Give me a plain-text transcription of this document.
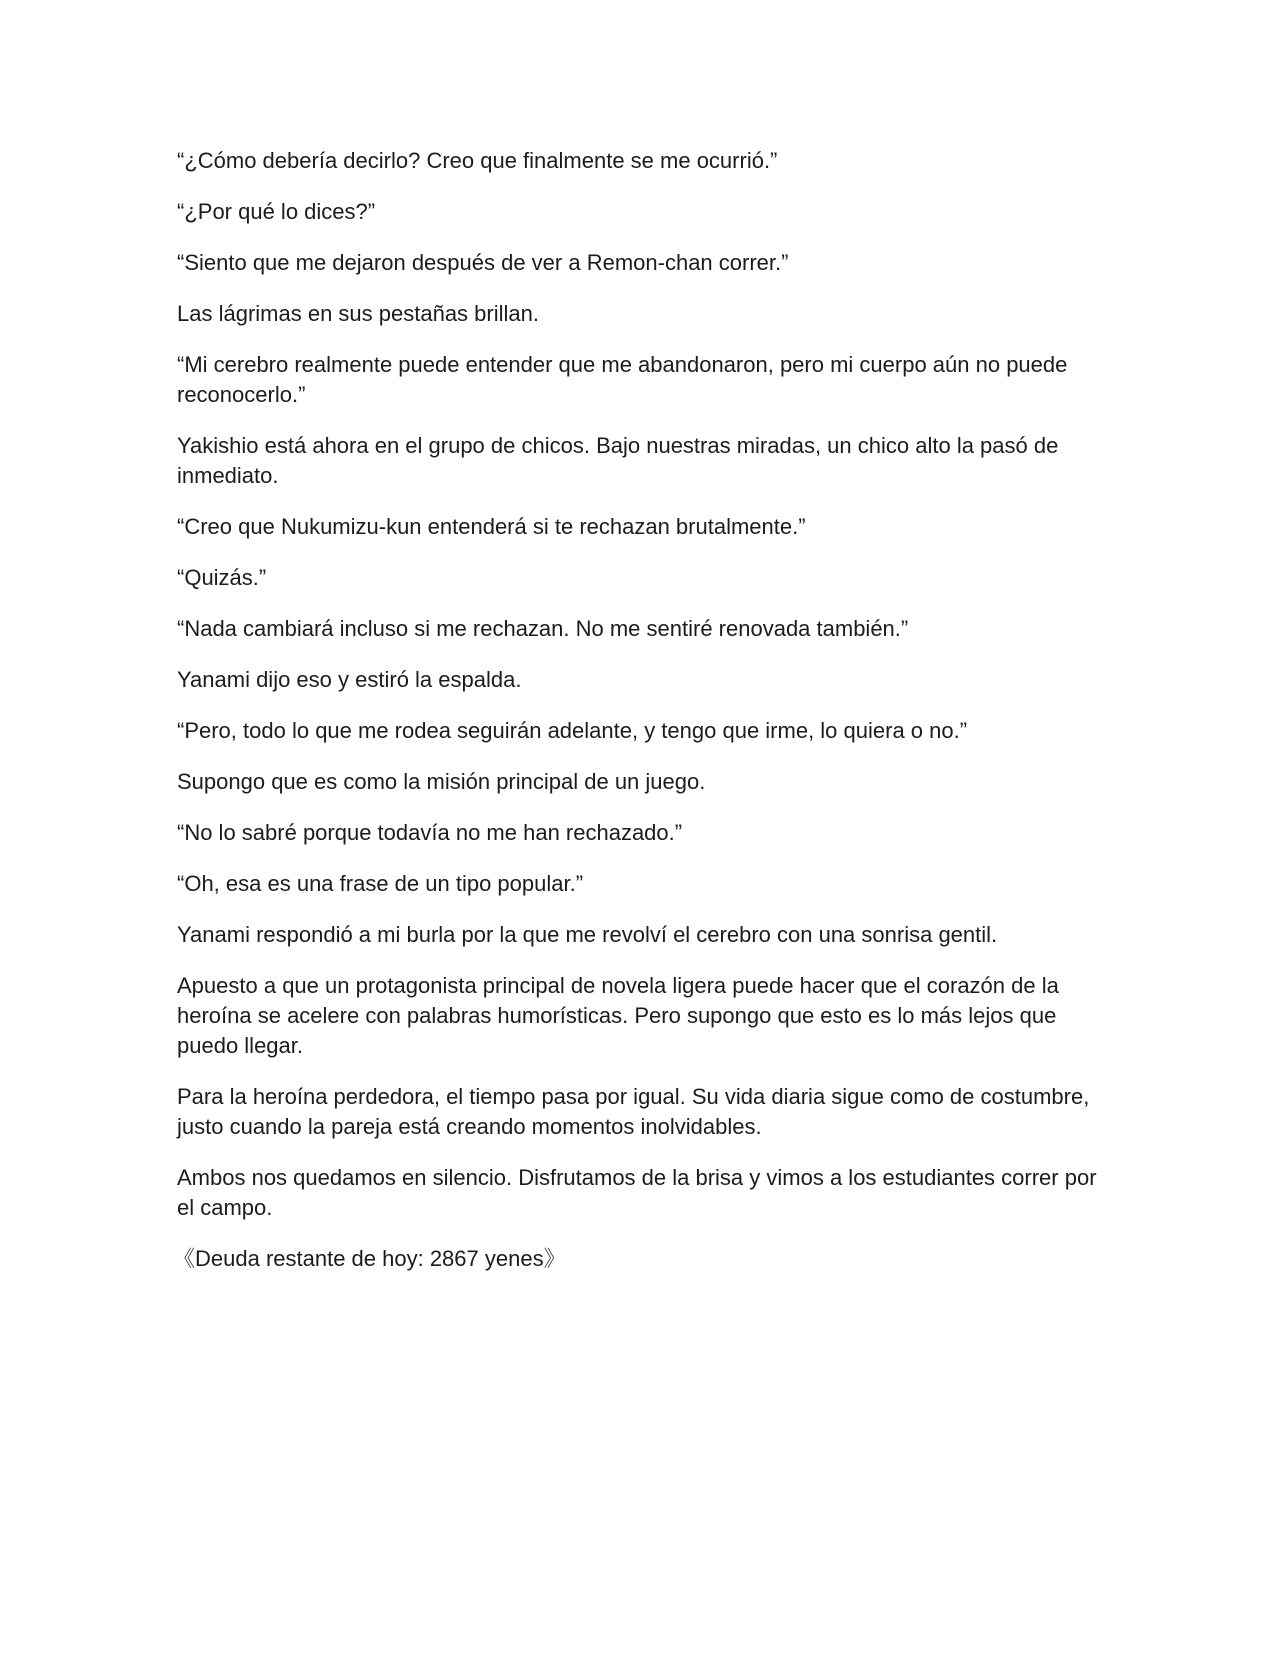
“¿Cómo debería decirlo? Creo que finalmente se me ocurrió.”

“¿Por qué lo dices?”

“Siento que me dejaron después de ver a Remon-chan correr.”

Las lágrimas en sus pestañas brillan.

“Mi cerebro realmente puede entender que me abandonaron, pero mi cuerpo aún no puede reconocerlo.”

Yakishio está ahora en el grupo de chicos. Bajo nuestras miradas, un chico alto la pasó de inmediato.

“Creo que Nukumizu-kun entenderá si te rechazan brutalmente.”

“Quizás.”

“Nada cambiará incluso si me rechazan. No me sentiré renovada también.”

Yanami dijo eso y estiró la espalda.

“Pero, todo lo que me rodea seguirán adelante, y tengo que irme, lo quiera o no.”

Supongo que es como la misión principal de un juego.

“No lo sabré porque todavía no me han rechazado.”

“Oh, esa es una frase de un tipo popular.”

Yanami respondió a mi burla por la que me revolví el cerebro con una sonrisa gentil.

Apuesto a que un protagonista principal de novela ligera puede hacer que el corazón de la heroína se acelere con palabras humorísticas. Pero supongo que esto es lo más lejos que puedo llegar.

Para la heroína perdedora, el tiempo pasa por igual. Su vida diaria sigue como de costumbre, justo cuando la pareja está creando momentos inolvidables.

Ambos nos quedamos en silencio. Disfrutamos de la brisa y vimos a los estudiantes correr por el campo.

《Deuda restante de hoy: 2867 yenes》
